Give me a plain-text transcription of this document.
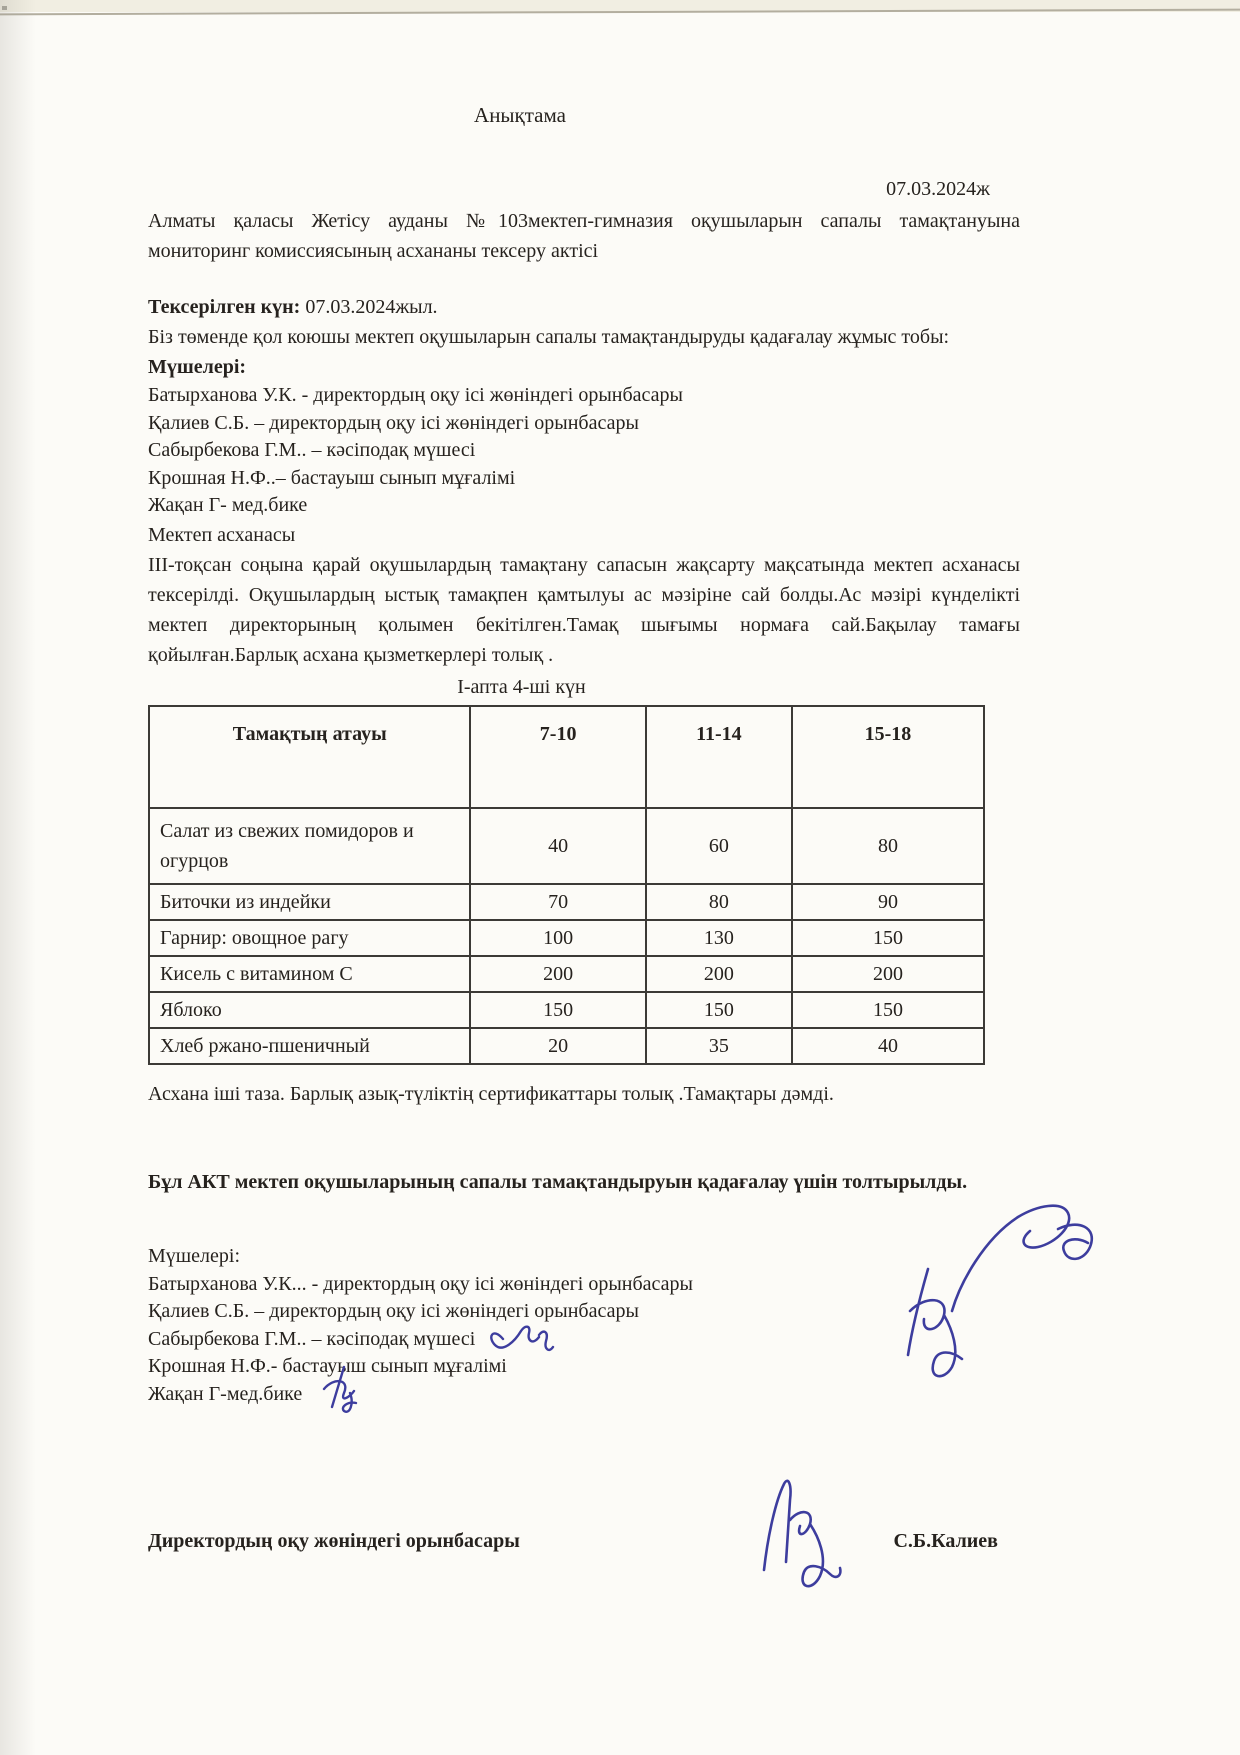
Анықтама
07.03.2024ж

Алматы қаласы Жетісу ауданы №103мектеп-гимназия оқушыларын сапалы тамақтануына мониторинг комиссиясының асхананы тексеру актісі

Тексерілген күн: 07.03.2024жыл.

Біз төменде қол коюшы мектеп оқушыларын сапалы тамақтандыруды қадағалау жұмыс тобы:

Мүшелері:

Батырханова У.К. - директордың оқу ісі жөніндегі орынбасары

Қалиев С.Б. – директордың оқу ісі жөніндегі орынбасары

Сабырбекова Г.М.. – кәсіподақ мүшесі

Крошная Н.Ф..– бастауыш сынып мұғалімі

Жақан Г- мед.бике

Мектеп асханасы

ІІІ-тоқсан соңына қарай оқушылардың тамақтану сапасын жақсарту мақсатында мектеп асханасы тексерілді. Оқушылардың ыстық тамақпен қамтылуы ас мәзіріне сай болды.Ас мәзірі күнделікті мектеп директорының қолымен бекітілген.Тамақ шығымы нормаға сай.Бақылау тамағы қойылған.Барлық асхана қызметкерлері толық .

І-апта 4-ші күн
Тамақтың атауы	7-10	11-14	15-18
Салат из свежих помидоров и огурцов	40	60	80
Биточки из индейки	70	80	90
Гарнир: овощное рагу	100	130	150
Кисель с витамином С	200	200	200
Яблоко	150	150	150
Хлеб ржано-пшеничный	20	35	40

Асхана іші таза. Барлық азық-түліктің сертификаттары толық .Тамақтары дәмді.

Бұл АКТ мектеп оқушыларының сапалы тамақтандыруын қадағалау үшін толтырылды.

Мүшелері:

Батырханова У.К... - директордың оқу ісі жөніндегі орынбасары

Қалиев С.Б. – директордың оқу ісі жөніндегі орынбасары

Сабырбекова Г.М.. – кәсіподақ мүшесі

Крошная Н.Ф.- бастауыш сынып мұғалімі

Жақан Г-мед.бике

Директордың оқу жөніндегі орынбасары	С.Б.Калиев
